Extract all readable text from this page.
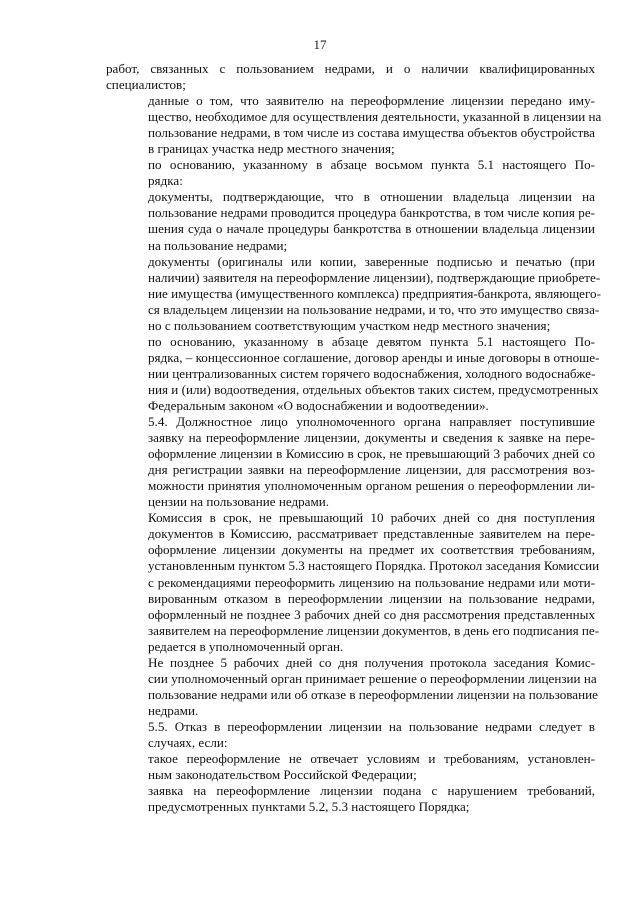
17
работ, связанных с пользованием недрами, и о наличии квалифицированных
специалистов;
данные о том, что заявителю на переоформление лицензии передано иму-
щество, необходимое для осуществления деятельности, указанной в лицензии на
пользование недрами, в том числе из состава имущества объектов обустройства
в границах участка недр местного значения;
по основанию, указанному в абзаце восьмом пункта 5.1 настоящего По-
рядка:
документы, подтверждающие, что в отношении владельца лицензии на
пользование недрами проводится процедура банкротства, в том числе копия ре-
шения суда о начале процедуры банкротства в отношении владельца лицензии
на пользование недрами;
документы (оригиналы или копии, заверенные подписью и печатью (при
наличии) заявителя на переоформление лицензии), подтверждающие приобрете-
ние имущества (имущественного комплекса) предприятия-банкрота, являющего-
ся владельцем лицензии на пользование недрами, и то, что это имущество связа-
но с пользованием соответствующим участком недр местного значения;
по основанию, указанному в абзаце девятом пункта 5.1 настоящего По-
рядка, – концессионное соглашение, договор аренды и иные договоры в отноше-
нии централизованных систем горячего водоснабжения, холодного водоснабже-
ния и (или) водоотведения, отдельных объектов таких систем, предусмотренных
Федеральным законом «О водоснабжении и водоотведении».
5.4. Должностное лицо уполномоченного органа направляет поступившие
заявку на переоформление лицензии, документы и сведения к заявке на пере-
оформление лицензии в Комиссию в срок, не превышающий 3 рабочих дней со
дня регистрации заявки на переоформление лицензии, для рассмотрения воз-
можности принятия уполномоченным органом решения о переоформлении ли-
цензии на пользование недрами.
Комиссия в срок, не превышающий 10 рабочих дней со дня поступления
документов в Комиссию, рассматривает представленные заявителем на пере-
оформление лицензии документы на предмет их соответствия требованиям,
установленным пунктом 5.3 настоящего Порядка. Протокол заседания Комиссии
с рекомендациями переоформить лицензию на пользование недрами или моти-
вированным отказом в переоформлении лицензии на пользование недрами,
оформленный не позднее 3 рабочих дней со дня рассмотрения представленных
заявителем на переоформление лицензии документов, в день его подписания пе-
редается в уполномоченный орган.
Не позднее 5 рабочих дней со дня получения протокола заседания Комис-
сии уполномоченный орган принимает решение о переоформлении лицензии на
пользование недрами или об отказе в переоформлении лицензии на пользование
недрами.
5.5. Отказ в переоформлении лицензии на пользование недрами следует в
случаях, если:
такое переоформление не отвечает условиям и требованиям, установлен-
ным законодательством Российской Федерации;
заявка на переоформление лицензии подана с нарушением требований,
предусмотренных пунктами 5.2, 5.3 настоящего Порядка;
